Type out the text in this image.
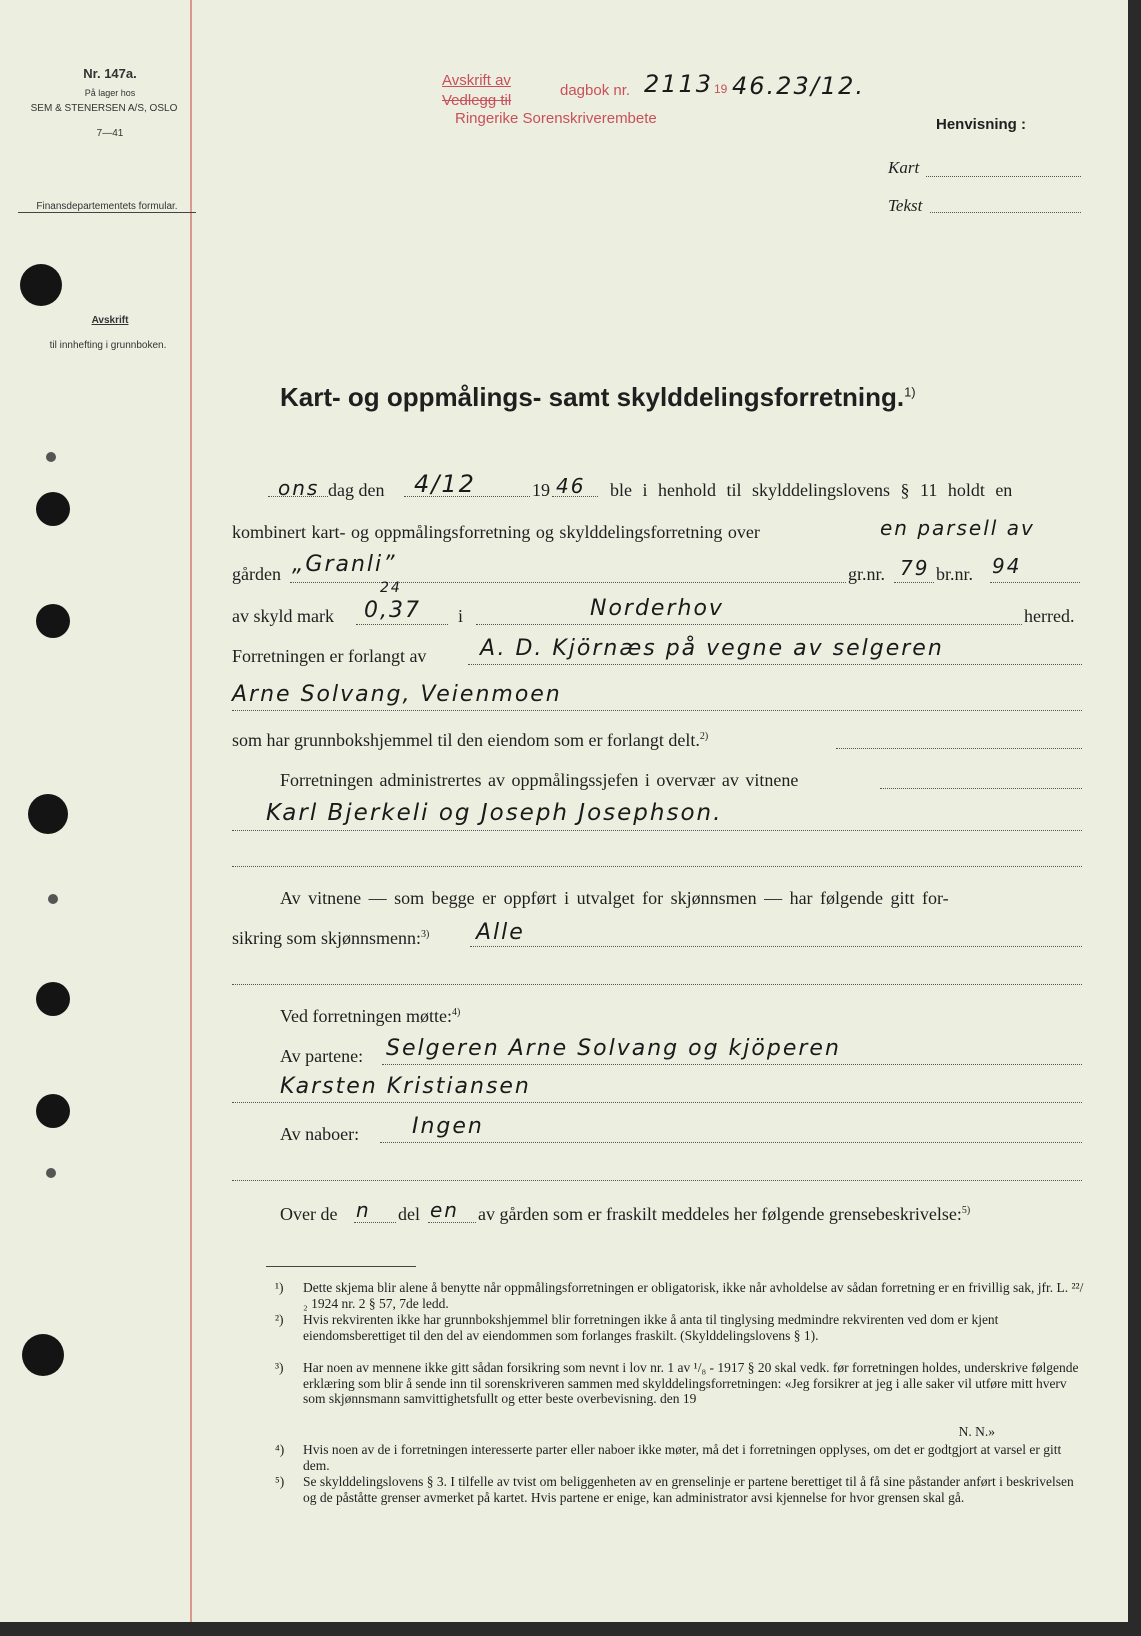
Nr. 147a.
På lager hos
SEM & STENERSEN A/S, OSLO
7—41
Finansdepartementets formular.
Avskrift
til innhefting i grunnboken.
Avskrift av
Vedlegg til
dagbok nr. 2113 19 46.23/12.
Ringerike Sorenskriverembete	Henvisning :
Kart
Tekst
Kart- og oppmålings- samt skylddelingsforretning.$^{1)}$
ons dag den 4/12	19 46 ble i henhold til skylddelingslovens § 11 holdt en
kombinert kart- og oppmålingsforretning og skylddelingsforretning over	en parsell av
gården „Granli”	gr.nr. 79 br.nr. 94
av skyld mark
24
0,37 i	Norderhov	herred.
Forretningen er forlangt av A. D. Kjörnæs på vegne av selgeren
Arne Solvang, Veienmoen
som har grunnbokshjemmel til den eiendom som er forlangt delt.$^{2)}$
Forretningen administrertes av oppmålingssjefen i overvær av vitnene
Karl Bjerkeli og Joseph Josephson.
Av vitnene — som begge er oppført i utvalget for skjønnsmen — har følgende gitt for-
sikring som skjønnsmenn:$^{3)}$ Alle
Ved forretningen møtte:$^{4)}$
Av partene: Selgeren Arne Solvang og kjöperen
Karsten Kristiansen
Av naboer: Ingen
Over de n del en av gården som er fraskilt meddeles her følgende grensebeskrivelse:$^{5)}$
¹) Dette skjema blir alene å benytte når oppmålingsforretningen er obligatorisk, ikke når avholdelse av sådan forretning er en frivillig sak, jfr. L. ²²/₂ 1924 nr. 2 § 57, 7de ledd.
²) Hvis rekvirenten ikke har grunnbokshjemmel blir forretningen ikke å anta til tinglysing medmindre rekvirenten ved dom er kjent eiendomsberettiget til den del av eiendommen som forlanges fraskilt. (Skylddelingslovens § 1).
³) Har noen av mennene ikke gitt sådan forsikring som nevnt i lov nr. 1 av ¹/₈ - 1917 § 20 skal vedk. før forretningen holdes, underskrive følgende erklæring som blir å sende inn til sorenskriveren sammen med skylddelingsforretningen: «Jeg forsikrer at jeg i alle saker vil utføre mitt hverv som skjønnsmann samvittighetsfullt og etter beste overbevisning. den 19
N. N.»
⁴) Hvis noen av de i forretningen interesserte parter eller naboer ikke møter, må det i forretningen opplyses, om det er godtgjort at varsel er gitt dem.
⁵) Se skylddelingslovens § 3. I tilfelle av tvist om beliggenheten av en grenselinje er partene berettiget til å få sine påstander anført i beskrivelsen og de påståtte grenser avmerket på kartet. Hvis partene er enige, kan administrator avsi kjennelse for hvor grensen skal gå.
